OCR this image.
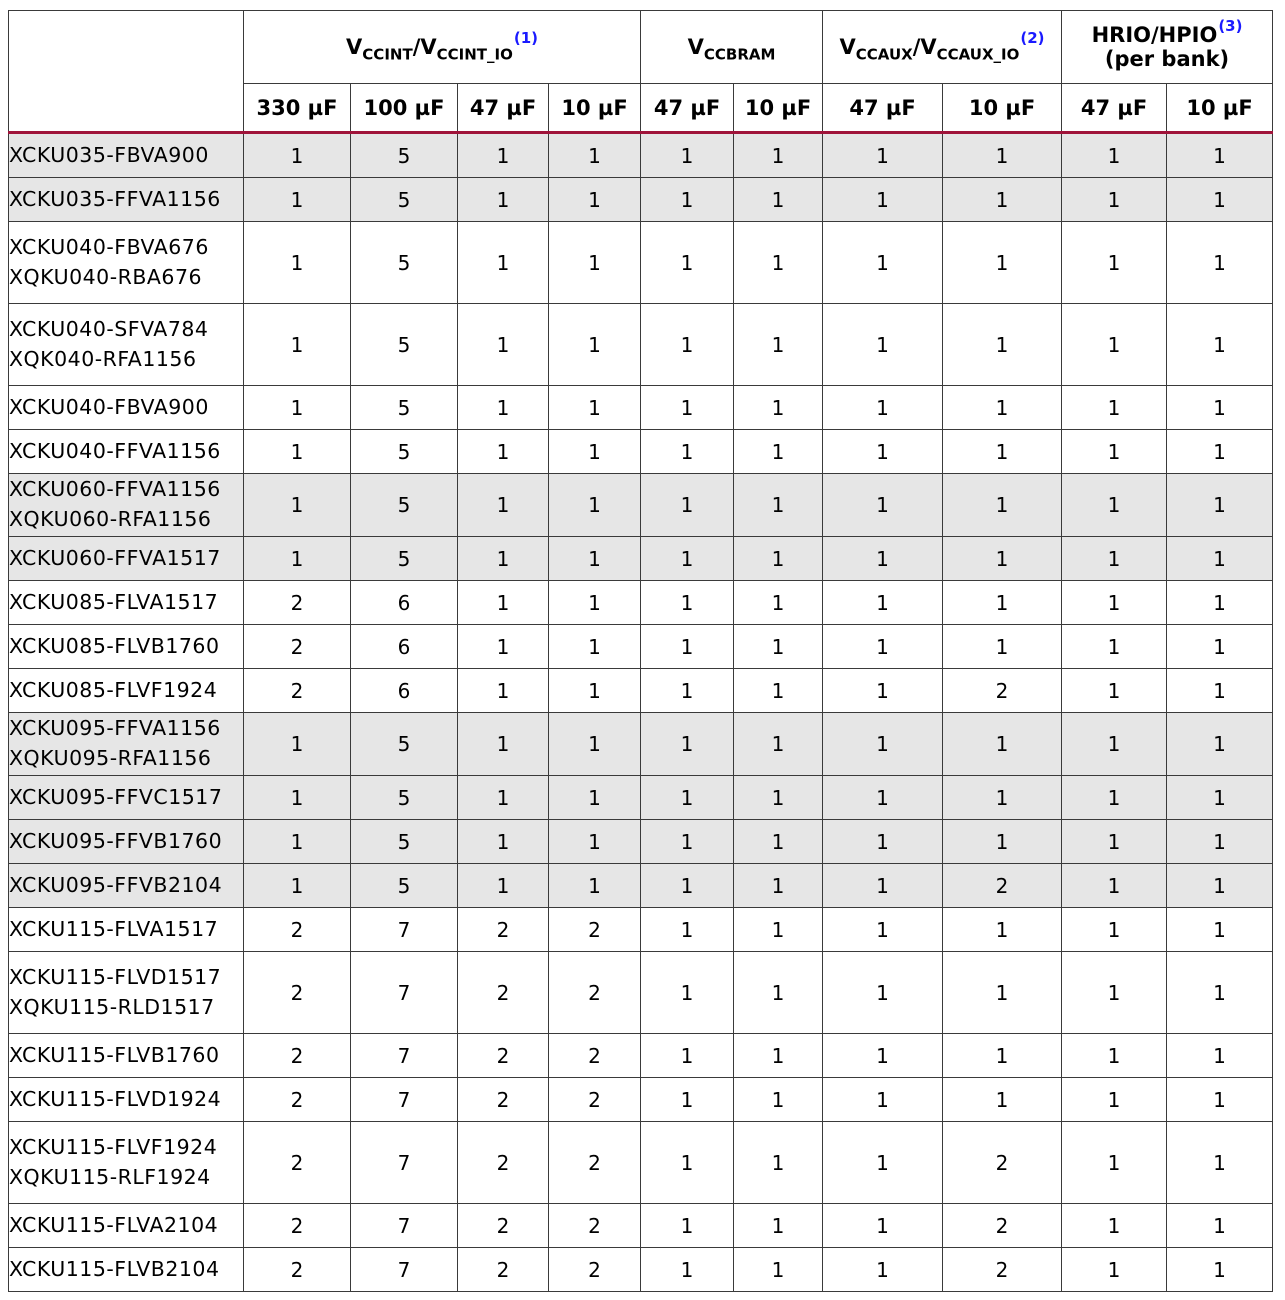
	$V_{CCINT}/V_{CCINT\_IO}^{(1)}$				$V_{CCBRAM}$		$V_{CCAUX}/V_{CCAUX\_IO}^{(2)}$		HRIO/HPIO$^{(3)}$
(per bank)	

	330 µF	100 µF	47 µF	10 µF	47 µF	10 µF	47 µF	10 µF	47 µF	10 µF

XCKU035-FBVA900	1	5	1	1	1	1	1	1	1	1

XCKU035-FFVA1156	1	5	1	1	1	1	1	1	1	1

XCKU040-FBVA676
XQKU040-RBA676	1	5	1	1	1	1	1	1	1	1

XCKU040-SFVA784
XQK040-RFA1156	1	5	1	1	1	1	1	1	1	1

XCKU040-FBVA900	1	5	1	1	1	1	1	1	1	1

XCKU040-FFVA1156	1	5	1	1	1	1	1	1	1	1

XCKU060-FFVA1156
XQKU060-RFA1156	1	5	1	1	1	1	1	1	1	1

XCKU060-FFVA1517	1	5	1	1	1	1	1	1	1	1

XCKU085-FLVA1517	2	6	1	1	1	1	1	1	1	1

XCKU085-FLVB1760	2	6	1	1	1	1	1	1	1	1

XCKU085-FLVF1924	2	6	1	1	1	1	1	2	1	1

XCKU095-FFVA1156
XQKU095-RFA1156	1	5	1	1	1	1	1	1	1	1

XCKU095-FFVC1517	1	5	1	1	1	1	1	1	1	1

XCKU095-FFVB1760	1	5	1	1	1	1	1	1	1	1

XCKU095-FFVB2104	1	5	1	1	1	1	1	2	1	1

XCKU115-FLVA1517	2	7	2	2	1	1	1	1	1	1

XCKU115-FLVD1517
XQKU115-RLD1517	2	7	2	2	1	1	1	1	1	1

XCKU115-FLVB1760	2	7	2	2	1	1	1	1	1	1

XCKU115-FLVD1924	2	7	2	2	1	1	1	1	1	1

XCKU115-FLVF1924
XQKU115-RLF1924	2	7	2	2	1	1	1	2	1	1

XCKU115-FLVA2104	2	7	2	2	1	1	1	2	1	1

XCKU115-FLVB2104	2	7	2	2	1	1	1	2	1	1
